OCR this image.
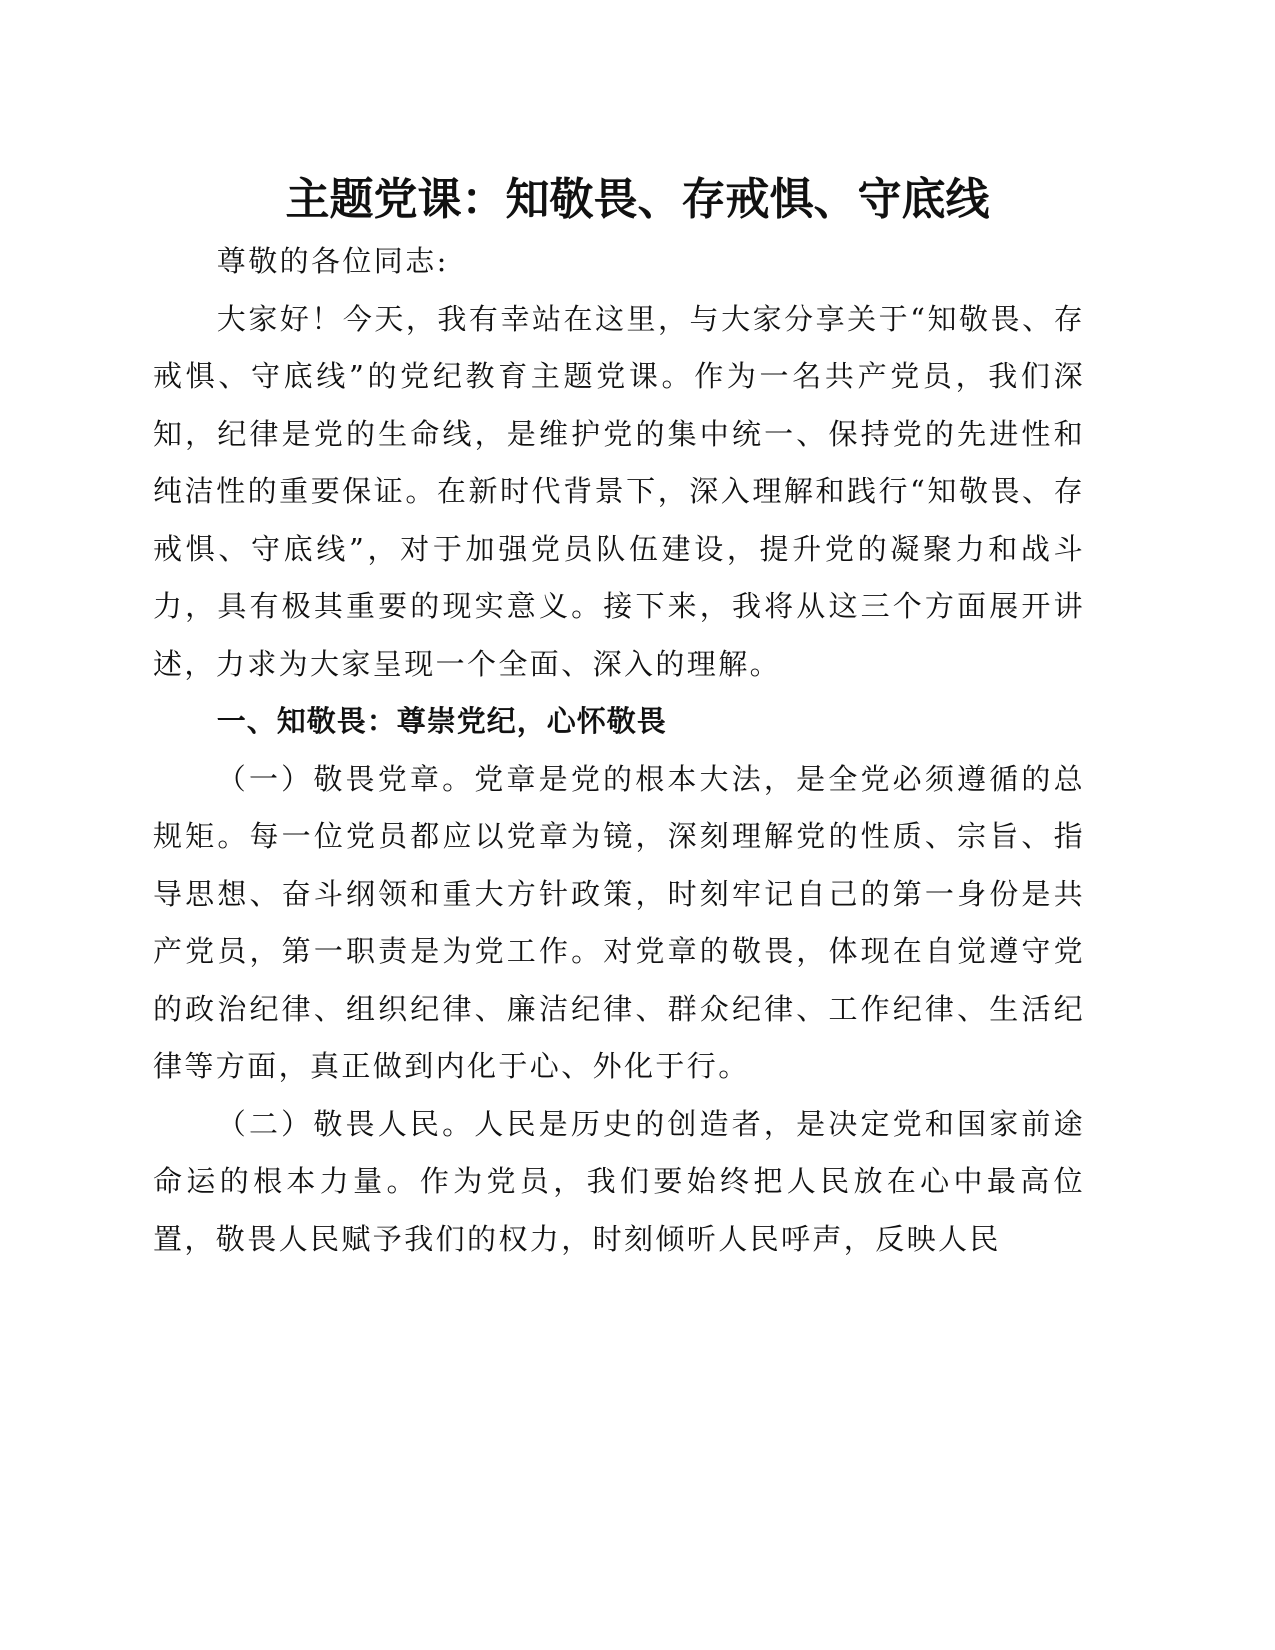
主题党课：知敬畏、存戒惧、守底线

尊敬的各位同志:

大家好！今天，我有幸站在这里，与大家分享关于“知敬畏、存戒惧、守底线”的党纪教育主题党课。作为一名共产党员，我们深知，纪律是党的生命线，是维护党的集中统一、保持党的先进性和纯洁性的重要保证。在新时代背景下，深入理解和践行“知敬畏、存戒惧、守底线”，对于加强党员队伍建设，提升党的凝聚力和战斗力，具有极其重要的现实意义。接下来，我将从这三个方面展开讲述，力求为大家呈现一个全面、深入的理解。

一、知敬畏：尊崇党纪，心怀敬畏

（一）敬畏党章。党章是党的根本大法，是全党必须遵循的总规矩。每一位党员都应以党章为镜，深刻理解党的性质、宗旨、指导思想、奋斗纲领和重大方针政策，时刻牢记自己的第一身份是共产党员，第一职责是为党工作。对党章的敬畏，体现在自觉遵守党的政治纪律、组织纪律、廉洁纪律、群众纪律、工作纪律、生活纪律等方面，真正做到内化于心、外化于行。

（二）敬畏人民。人民是历史的创造者，是决定党和国家前途命运的根本力量。作为党员，我们要始终把人民放在心中最高位置，敬畏人民赋予我们的权力，时刻倾听人民呼声，反映人民
